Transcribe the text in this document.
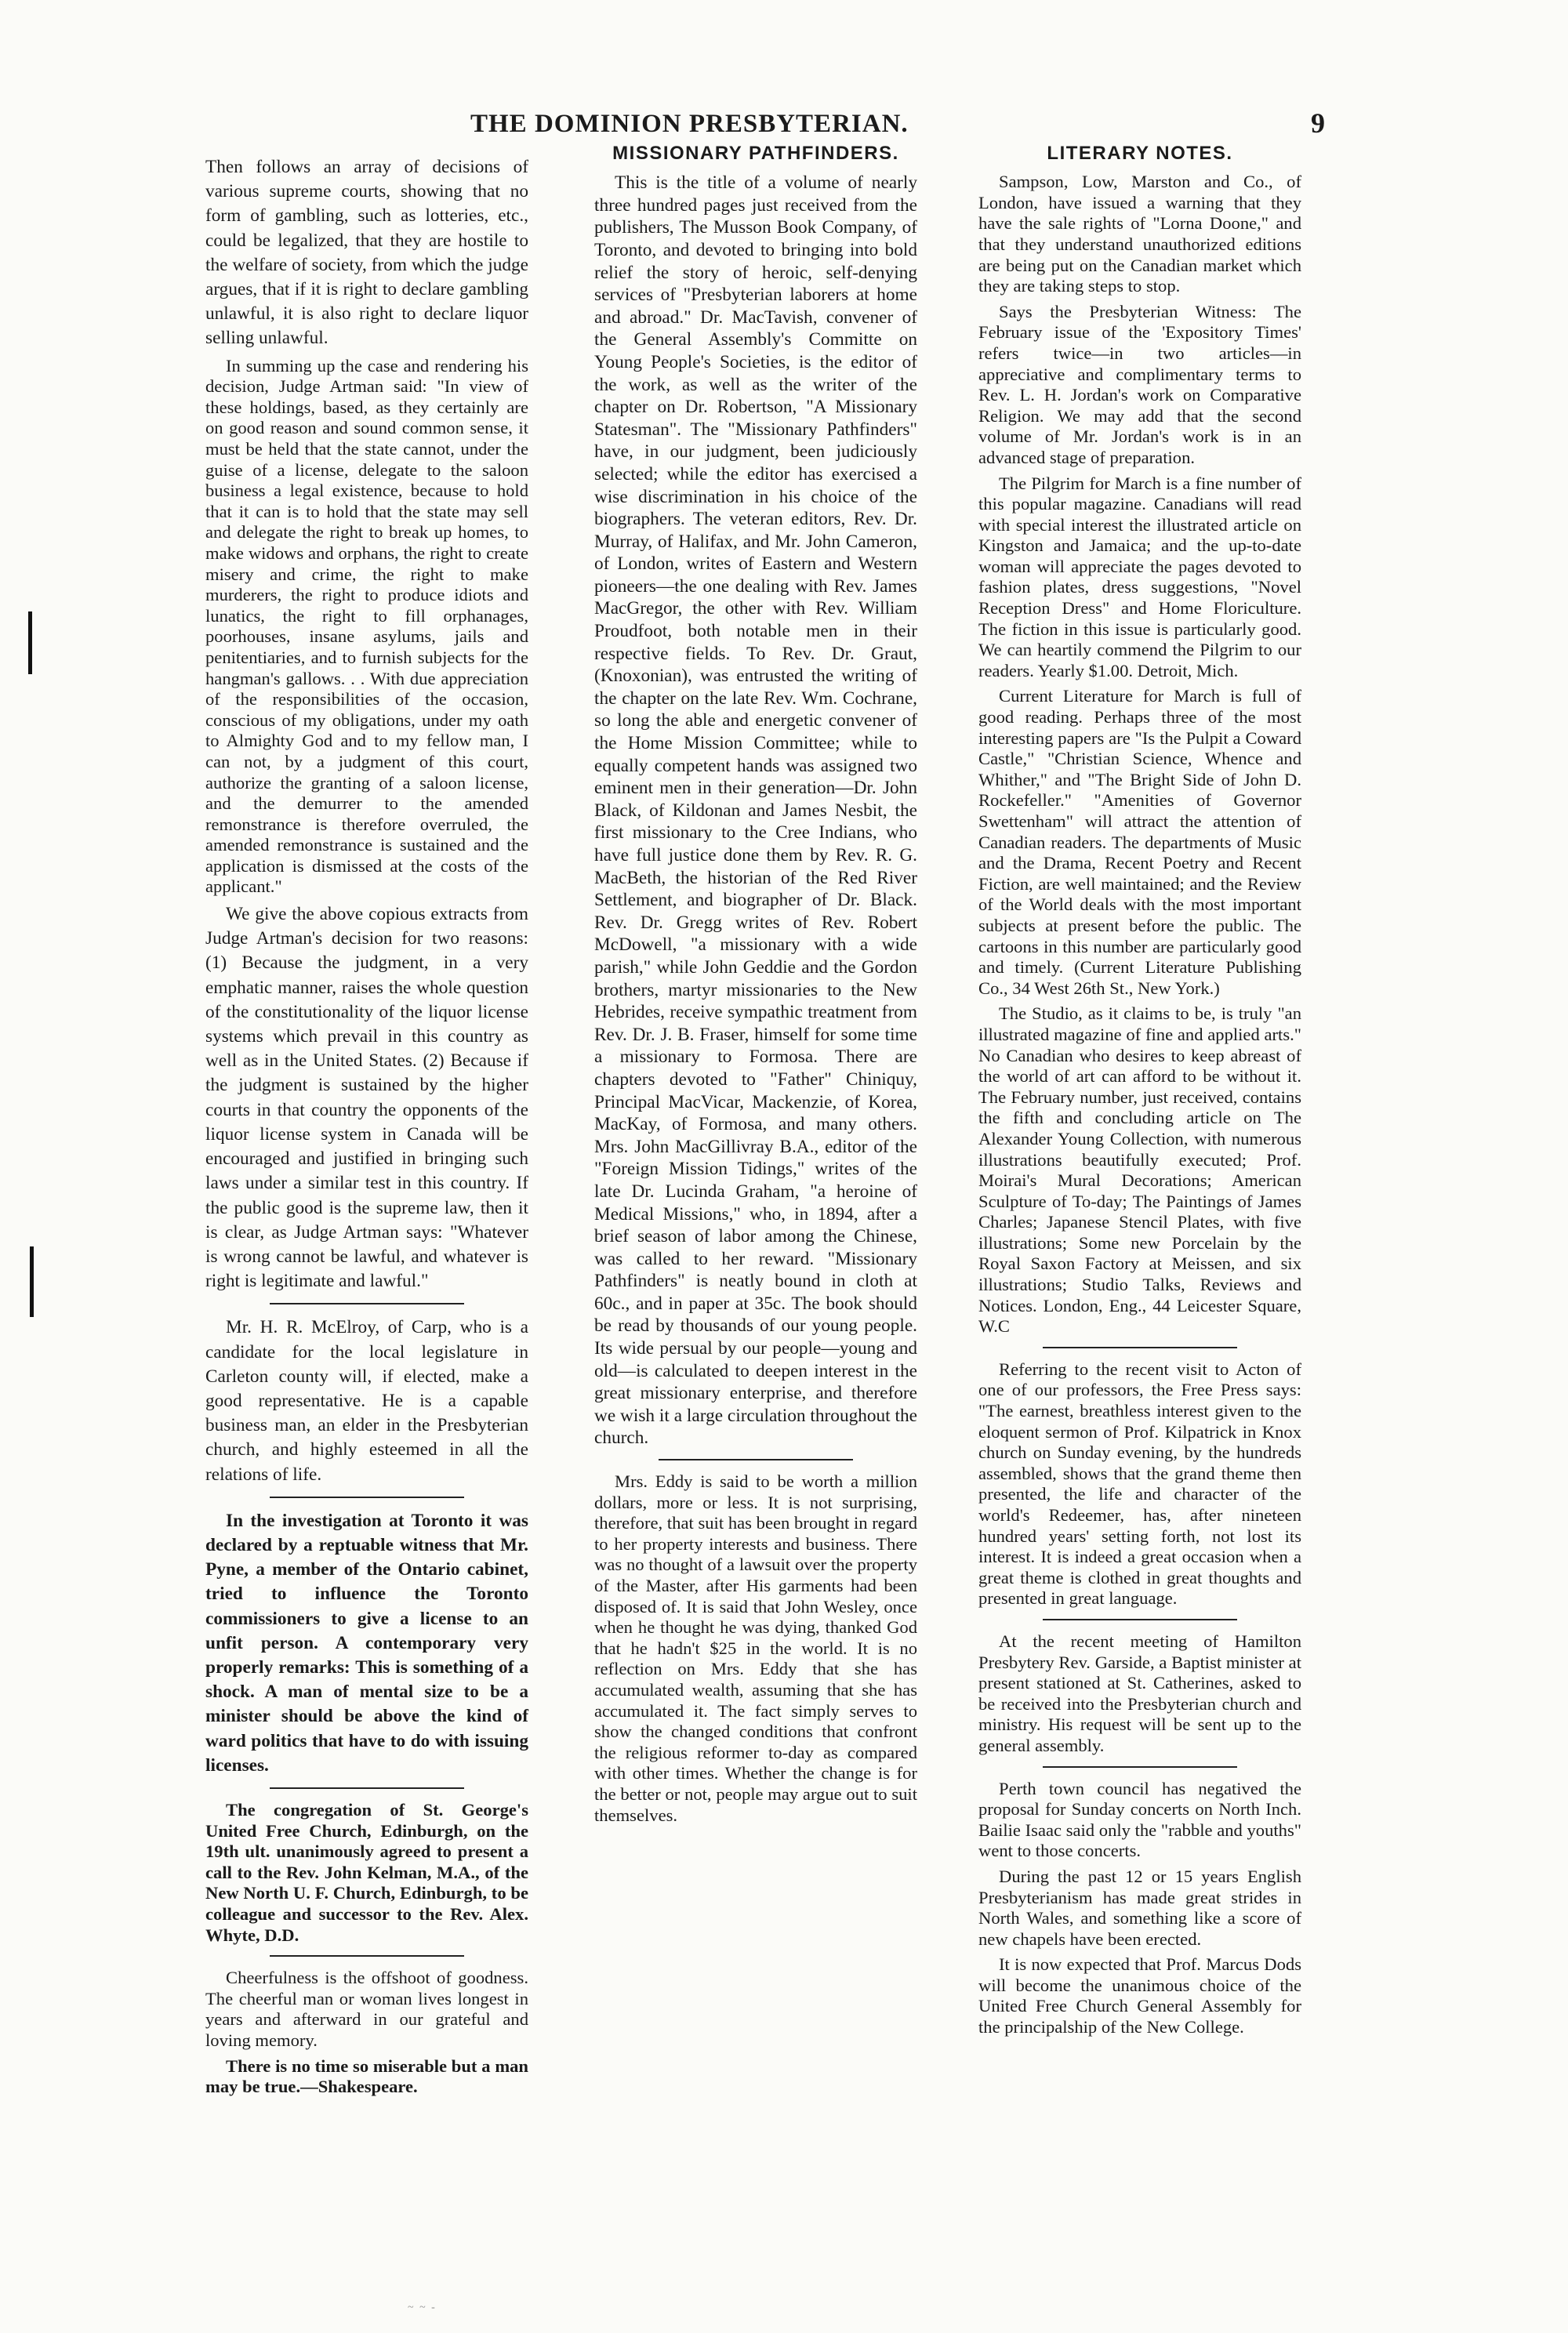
THE DOMINION PRESBYTERIAN.	9

Then follows an array of decisions of various supreme courts, showing that no form of gambling, such as lotteries, etc., could be legalized, that they are hostile to the welfare of society, from which the judge argues, that if it is right to declare gambling unlawful, it is also right to declare liquor selling unlawful.

In summing up the case and rendering his decision, Judge Artman said: "In view of these holdings, based, as they certainly are on good reason and sound common sense, it must be held that the state cannot, under the guise of a license, delegate to the saloon business a legal existence, because to hold that it can is to hold that the state may sell and delegate the right to break up homes, to make widows and orphans, the right to create misery and crime, the right to make murderers, the right to produce idiots and lunatics, the right to fill orphanages, poorhouses, insane asylums, jails and penitentiaries, and to furnish subjects for the hangman's gallows. . . With due appreciation of the responsibilities of the occasion, conscious of my obligations, under my oath to Almighty God and to my fellow man, I can not, by a judgment of this court, authorize the granting of a saloon license, and the demurrer to the amended remonstrance is therefore overruled, the amended remonstrance is sustained and the application is dismissed at the costs of the applicant."

We give the above copious extracts from Judge Artman's decision for two reasons: (1) Because the judgment, in a very emphatic manner, raises the whole question of the constitutionality of the liquor license systems which prevail in this country as well as in the United States. (2) Because if the judgment is sustained by the higher courts in that country the opponents of the liquor license system in Canada will be encouraged and justified in bringing such laws under a similar test in this country. If the public good is the supreme law, then it is clear, as Judge Artman says: "Whatever is wrong cannot be lawful, and whatever is right is legitimate and lawful."

Mr. H. R. McElroy, of Carp, who is a candidate for the local legislature in Carleton county will, if elected, make a good representative. He is a capable business man, an elder in the Presbyterian church, and highly esteemed in all the relations of life.

In the investigation at Toronto it was declared by a reptuable witness that Mr. Pyne, a member of the Ontario cabinet, tried to influence the Toronto commissioners to give a license to an unfit person. A contemporary very properly remarks: This is something of a shock. A man of mental size to be a minister should be above the kind of ward politics that have to do with issuing licenses.

The congregation of St. George's United Free Church, Edinburgh, on the 19th ult. unanimously agreed to present a call to the Rev. John Kelman, M.A., of the New North U. F. Church, Edinburgh, to be colleague and successor to the Rev. Alex. Whyte, D.D.

Cheerfulness is the offshoot of goodness. The cheerful man or woman lives longest in years and afterward in our grateful and loving memory.

There is no time so miserable but a man may be true.—Shakespeare.

MISSIONARY PATHFINDERS.

This is the title of a volume of nearly three hundred pages just received from the publishers, The Musson Book Company, of Toronto, and devoted to bringing into bold relief the story of heroic, self-denying services of "Presbyterian laborers at home and abroad." Dr. MacTavish, convener of the General Assembly's Committe on Young People's Societies, is the editor of the work, as well as the writer of the chapter on Dr. Robertson, "A Missionary Statesman". The "Missionary Pathfinders" have, in our judgment, been judiciously selected; while the editor has exercised a wise discrimination in his choice of the biographers. The veteran editors, Rev. Dr. Murray, of Halifax, and Mr. John Cameron, of London, writes of Eastern and Western pioneers—the one dealing with Rev. James MacGregor, the other with Rev. William Proudfoot, both notable men in their respective fields. To Rev. Dr. Graut, (Knoxonian), was entrusted the writing of the chapter on the late Rev. Wm. Cochrane, so long the able and energetic convener of the Home Mission Committee; while to equally competent hands was assigned two eminent men in their generation—Dr. John Black, of Kildonan and James Nesbit, the first missionary to the Cree Indians, who have full justice done them by Rev. R. G. MacBeth, the historian of the Red River Settlement, and biographer of Dr. Black. Rev. Dr. Gregg writes of Rev. Robert McDowell, "a missionary with a wide parish," while John Geddie and the Gordon brothers, martyr missionaries to the New Hebrides, receive sympathic treatment from Rev. Dr. J. B. Fraser, himself for some time a missionary to Formosa. There are chapters devoted to "Father" Chiniquy, Principal MacVicar, Mackenzie, of Korea, MacKay, of Formosa, and many others. Mrs. John MacGillivray B.A., editor of the "Foreign Mission Tidings," writes of the late Dr. Lucinda Graham, "a heroine of Medical Missions," who, in 1894, after a brief season of labor among the Chinese, was called to her reward. "Missionary Pathfinders" is neatly bound in cloth at 60c., and in paper at 35c. The book should be read by thousands of our young people. Its wide persual by our people—young and old—is calculated to deepen interest in the great missionary enterprise, and therefore we wish it a large circulation throughout the church.

Mrs. Eddy is said to be worth a million dollars, more or less. It is not surprising, therefore, that suit has been brought in regard to her property interests and business. There was no thought of a lawsuit over the property of the Master, after His garments had been disposed of. It is said that John Wesley, once when he thought he was dying, thanked God that he hadn't $25 in the world. It is no reflection on Mrs. Eddy that she has accumulated wealth, assuming that she has accumulated it. The fact simply serves to show the changed conditions that confront the religious reformer to-day as compared with other times. Whether the change is for the better or not, people may argue out to suit themselves.

LITERARY NOTES.

Sampson, Low, Marston and Co., of London, have issued a warning that they have the sale rights of "Lorna Doone," and that they understand unauthorized editions are being put on the Canadian market which they are taking steps to stop.

Says the Presbyterian Witness: The February issue of the 'Expository Times' refers twice—in two articles—in appreciative and complimentary terms to Rev. L. H. Jordan's work on Comparative Religion. We may add that the second volume of Mr. Jordan's work is in an advanced stage of preparation.

The Pilgrim for March is a fine number of this popular magazine. Canadians will read with special interest the illustrated article on Kingston and Jamaica; and the up-to-date woman will appreciate the pages devoted to fashion plates, dress suggestions, "Novel Reception Dress" and Home Floriculture. The fiction in this issue is particularly good. We can heartily commend the Pilgrim to our readers. Yearly $1.00. Detroit, Mich.

Current Literature for March is full of good reading. Perhaps three of the most interesting papers are "Is the Pulpit a Coward Castle," "Christian Science, Whence and Whither," and "The Bright Side of John D. Rockefeller." "Amenities of Governor Swettenham" will attract the attention of Canadian readers. The departments of Music and the Drama, Recent Poetry and Recent Fiction, are well maintained; and the Review of the World deals with the most important subjects at present before the public. The cartoons in this number are particularly good and timely. (Current Literature Publishing Co., 34 West 26th St., New York.)

The Studio, as it claims to be, is truly "an illustrated magazine of fine and applied arts." No Canadian who desires to keep abreast of the world of art can afford to be without it. The February number, just received, contains the fifth and concluding article on The Alexander Young Collection, with numerous illustrations beautifully executed; Prof. Moirai's Mural Decorations; American Sculpture of To-day; The Paintings of James Charles; Japanese Stencil Plates, with five illustrations; Some new Porcelain by the Royal Saxon Factory at Meissen, and six illustrations; Studio Talks, Reviews and Notices. London, Eng., 44 Leicester Square, W.C

Referring to the recent visit to Acton of one of our professors, the Free Press says: "The earnest, breathless interest given to the eloquent sermon of Prof. Kilpatrick in Knox church on Sunday evening, by the hundreds assembled, shows that the grand theme then presented, the life and character of the world's Redeemer, has, after nineteen hundred years' setting forth, not lost its interest. It is indeed a great occasion when a great theme is clothed in great thoughts and presented in great language.

At the recent meeting of Hamilton Presbytery Rev. Garside, a Baptist minister at present stationed at St. Catherines, asked to be received into the Presbyterian church and ministry. His request will be sent up to the general assembly.

Perth town council has negatived the proposal for Sunday concerts on North Inch. Bailie Isaac said only the "rabble and youths" went to those concerts.

During the past 12 or 15 years English Presbyterianism has made great strides in North Wales, and something like a score of new chapels have been erected.

It is now expected that Prof. Marcus Dods will become the unanimous choice of the United Free Church General Assembly for the principalship of the New College.

~ ~ -
